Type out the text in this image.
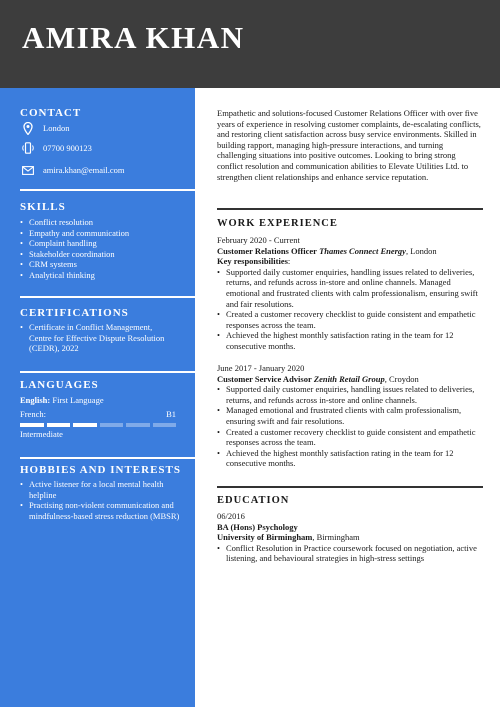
AMIRA KHAN
CONTACT
London
07700 900123
amira.khan@email.com
SKILLS
• Conflict resolution
• Empathy and communication
• Complaint handling
• Stakeholder coordination
• CRM systems
• Analytical thinking
CERTIFICATIONS
• Certificate in Conflict Management, Centre for Effective Dispute Resolution (CEDR), 2022
LANGUAGES
English: First Language
French:	B1
Intermediate
HOBBIES AND INTERESTS
• Active listener for a local mental health helpline
• Practising non-violent communication and mindfulness-based stress reduction (MBSR)
Empathetic and solutions-focused Customer Relations Officer with over five years of experience in resolving customer complaints, de-escalating conflicts, and restoring client satisfaction across busy service environments. Skilled in building rapport, managing high-pressure interactions, and turning challenging situations into positive outcomes. Looking to bring strong conflict resolution and communication abilities to Elevate Utilities Ltd. to strengthen client relationships and enhance service reputation.
WORK EXPERIENCE
February 2020 - Current
Customer Relations Officer Thames Connect Energy, London
Key responsibilities:
• Supported daily customer enquiries, handling issues related to deliveries, returns, and refunds across in-store and online channels. Managed emotional and frustrated clients with calm professionalism, ensuring swift and fair resolutions.
• Created a customer recovery checklist to guide consistent and empathetic responses across the team.
• Achieved the highest monthly satisfaction rating in the team for 12 consecutive months.
June 2017 - January 2020
Customer Service Advisor Zenith Retail Group, Croydon
• Supported daily customer enquiries, handling issues related to deliveries, returns, and refunds across in-store and online channels.
• Managed emotional and frustrated clients with calm professionalism, ensuring swift and fair resolutions.
• Created a customer recovery checklist to guide consistent and empathetic responses across the team.
• Achieved the highest monthly satisfaction rating in the team for 12 consecutive months.
EDUCATION
06/2016
BA (Hons) Psychology
University of Birmingham, Birmingham
• Conflict Resolution in Practice coursework focused on negotiation, active listening, and behavioural strategies in high-stress settings
